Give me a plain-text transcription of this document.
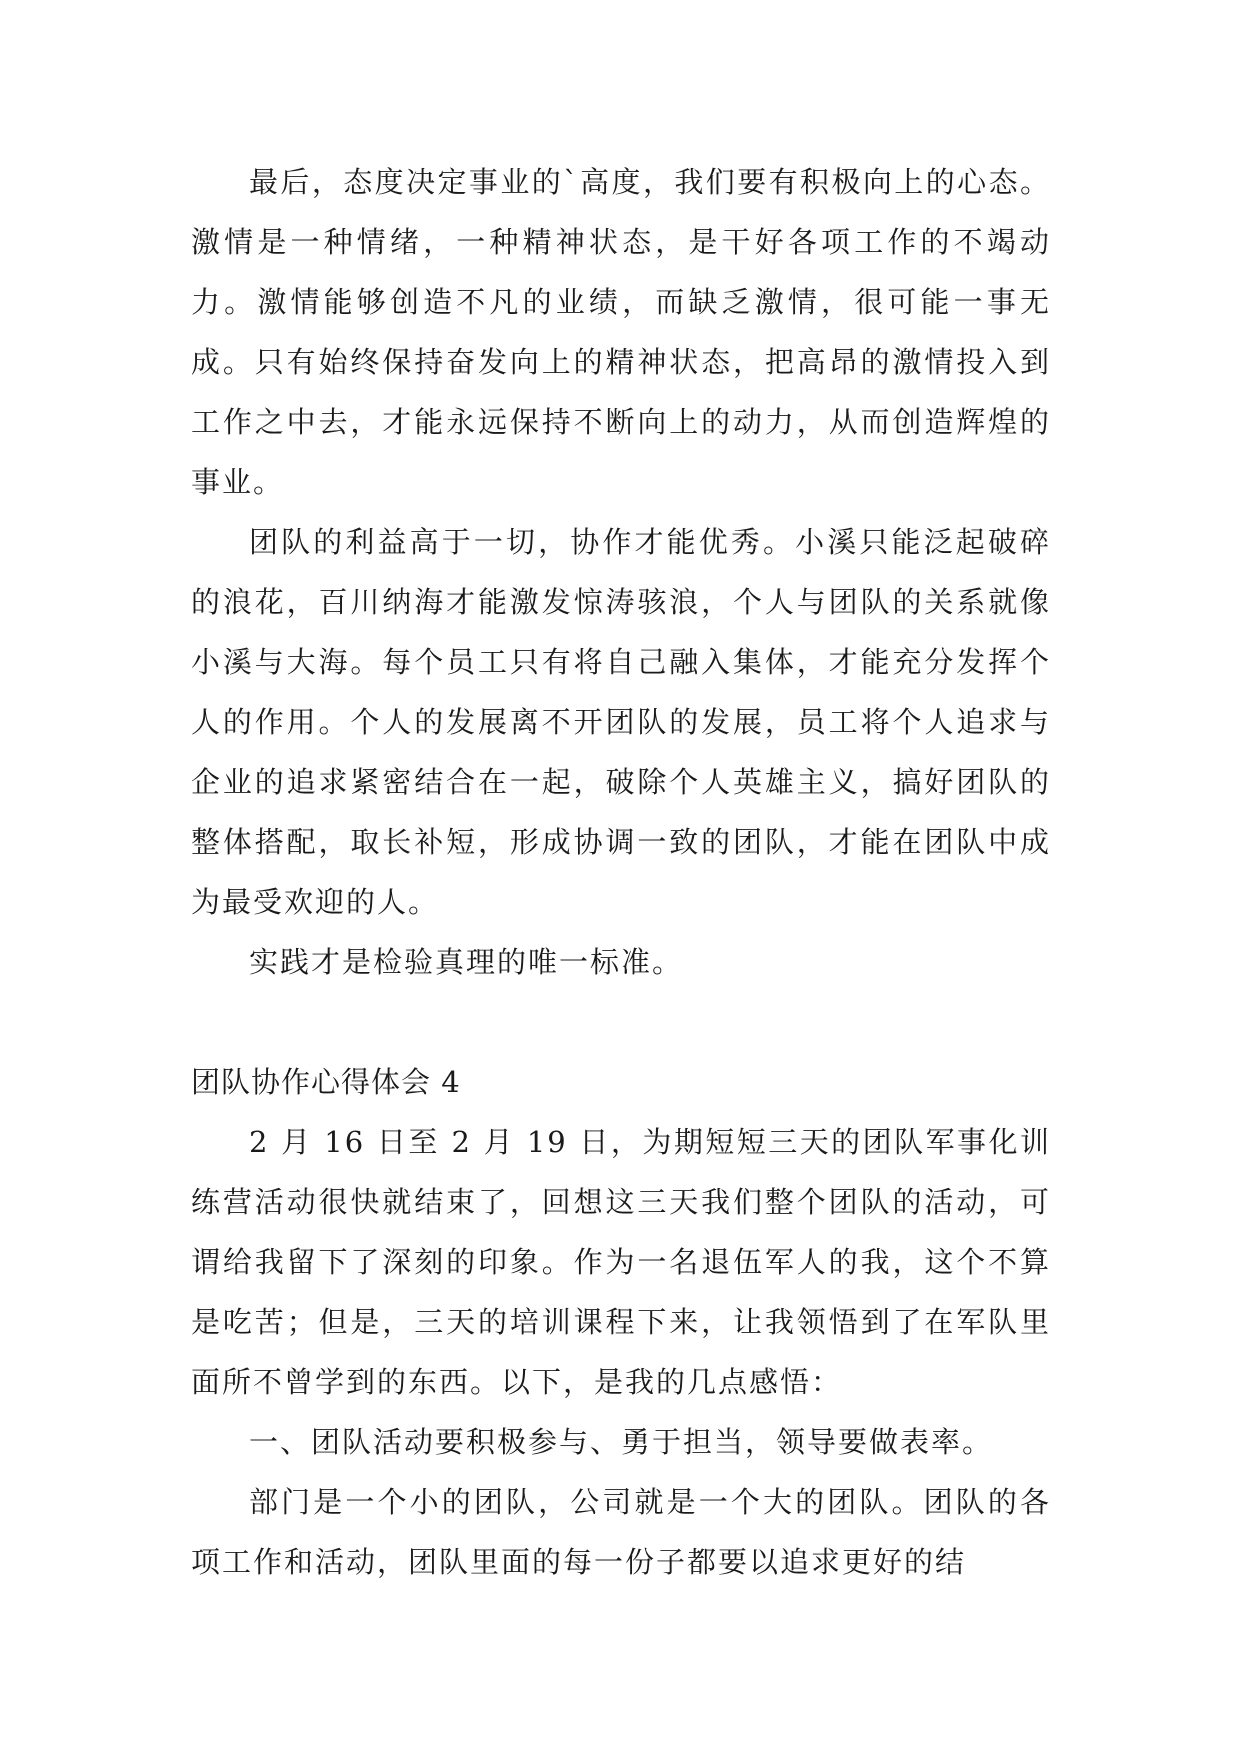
最后，态度决定事业的`高度，我们要有积极向上的心态。激情是一种情绪，一种精神状态，是干好各项工作的不竭动力。激情能够创造不凡的业绩，而缺乏激情，很可能一事无成。只有始终保持奋发向上的精神状态，把高昂的激情投入到工作之中去，才能永远保持不断向上的动力，从而创造辉煌的事业。

团队的利益高于一切，协作才能优秀。小溪只能泛起破碎的浪花，百川纳海才能激发惊涛骇浪，个人与团队的关系就像小溪与大海。每个员工只有将自己融入集体，才能充分发挥个人的作用。个人的发展离不开团队的发展，员工将个人追求与企业的追求紧密结合在一起，破除个人英雄主义，搞好团队的整体搭配，取长补短，形成协调一致的团队，才能在团队中成为最受欢迎的人。

实践才是检验真理的唯一标准。

团队协作心得体会 4

2 月 16 日至 2 月 19 日，为期短短三天的团队军事化训练营活动很快就结束了，回想这三天我们整个团队的活动，可谓给我留下了深刻的印象。作为一名退伍军人的我，这个不算是吃苦；但是，三天的培训课程下来，让我领悟到了在军队里面所不曾学到的东西。以下，是我的几点感悟：

一、团队活动要积极参与、勇于担当，领导要做表率。

部门是一个小的团队，公司就是一个大的团队。团队的各项工作和活动，团队里面的每一份子都要以追求更好的结
